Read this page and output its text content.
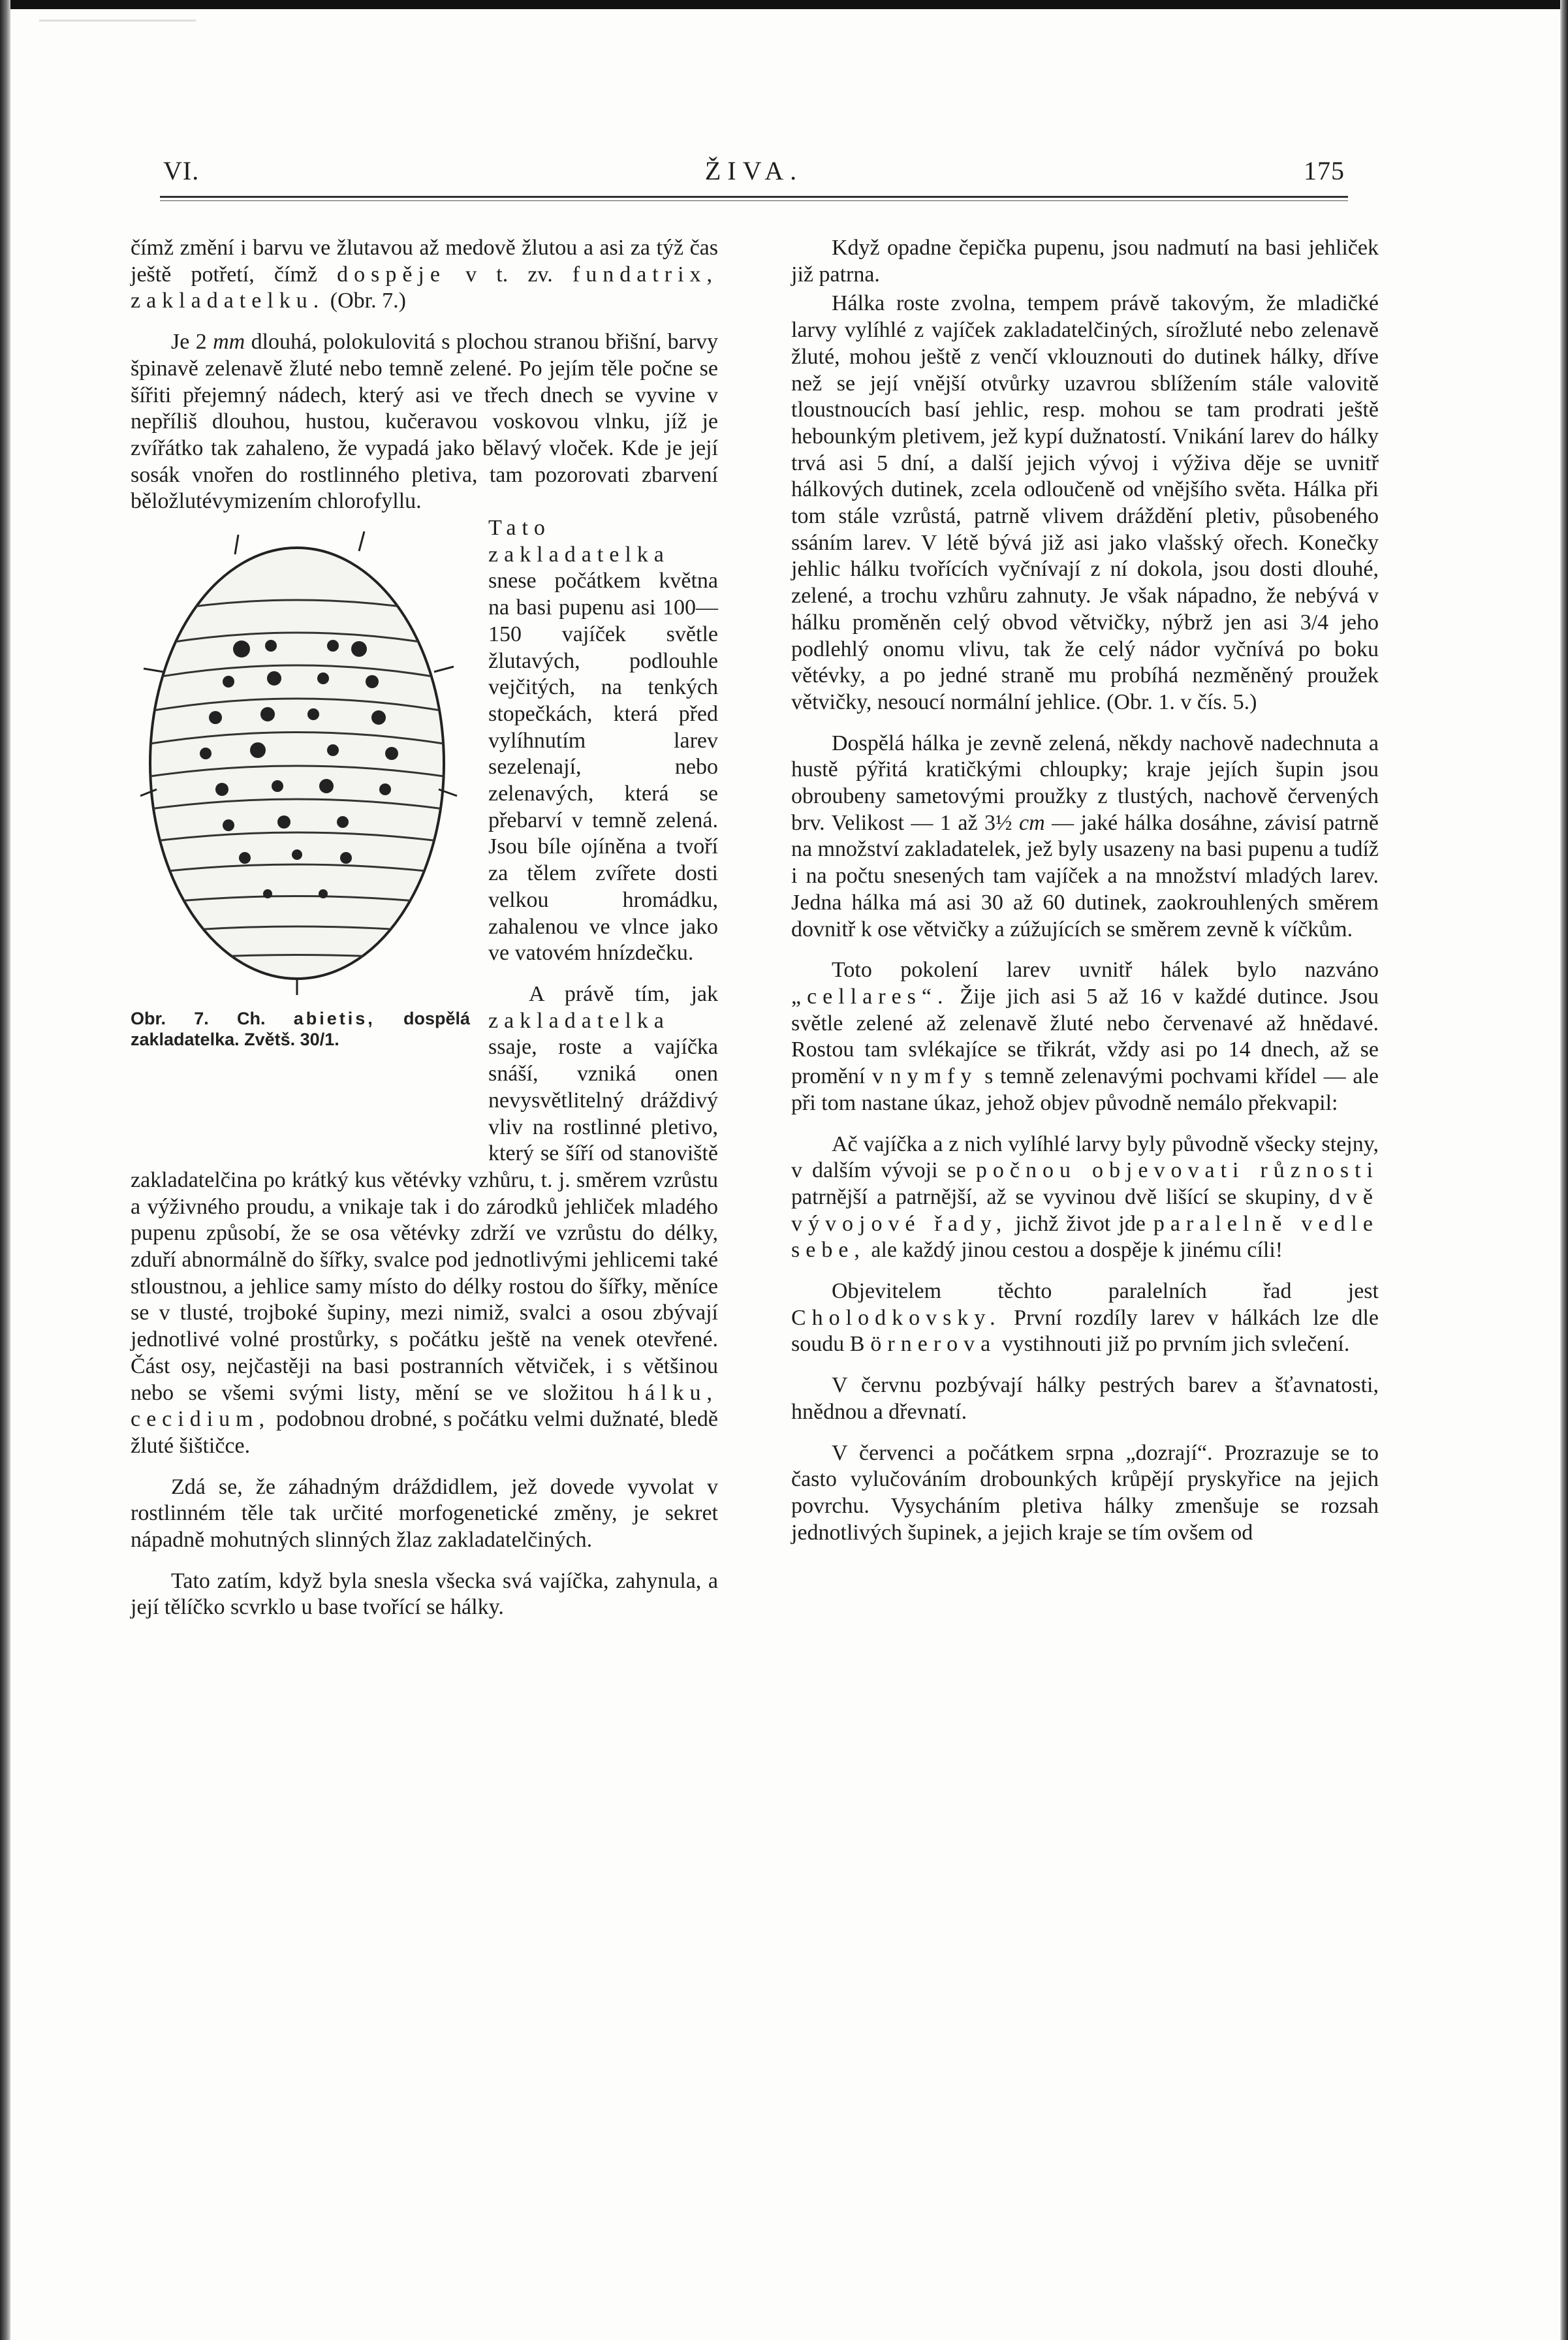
VI.	ŽIVA.	175

čímž změní i barvu ve žlutavou až medově žlutou a asi za týž čas ještě potřetí, čímž dospěje v t. zv. fundatrix, zakladatelku. (Obr. 7.)

Je 2 mm dlouhá, polokulovitá s plochou stranou břišní, barvy špinavě zelenavě žluté nebo temně zelené. Po jejím těle počne se šířiti přejemný nádech, který asi ve třech dnech se vyvine v nepříliš dlouhou, hustou, kučeravou voskovou vlnku, jíž je zvířátko tak zahaleno, že vypadá jako bělavý vloček. Kde je její sosák vnořen do rostlinného pletiva, tam pozorovati zbarvení běložlutévymizením chlorofyllu.

Obr. 7. Ch. abietis, dospělá zakladatelka. Zvětš. 30/1.

Tato zakladatelka snese počátkem května na basi pupenu asi 100—150 vajíček světle žlutavých, podlouhle vejčitých, na tenkých stopečkách, která před vylíhnutím larev sezelenají, nebo zelenavých, která se přebarví v temně zelená. Jsou bíle ojíněna a tvoří za tělem zvířete dosti velkou hromádku, zahalenou ve vlnce jako ve vatovém hnízdečku.

A právě tím, jak zakladatelka ssaje, roste a vajíčka snáší, vzniká onen nevysvětlitelný dráždivý vliv na rostlinné pletivo, který se šíří od stanoviště zakladatelčina po krátký kus větévky vzhůru, t. j. směrem vzrůstu a výživného proudu, a vnikaje tak i do zárodků jehliček mladého pupenu způsobí, že se osa větévky zdrží ve vzrůstu do délky, zduří abnormálně do šířky, svalce pod jednotlivými jehlicemi také stloustnou, a jehlice samy místo do délky rostou do šířky, měníce se v tlusté, trojboké šupiny, mezi nimiž, svalci a osou zbývají jednotlivé volné prostůrky, s počátku ještě na venek otevřené. Část osy, nejčastěji na basi postranních větviček, i s většinou nebo se všemi svými listy, mění se ve složitou hálku, cecidium, podobnou drobné, s počátku velmi dužnaté, bledě žluté šištičce.

Zdá se, že záhadným dráždidlem, jež dovede vyvolat v rostlinném těle tak určité morfogenetické změny, je sekret nápadně mohutných slinných žlaz zakladatelčiných.

Tato zatím, když byla snesla všecka svá vajíčka, zahynula, a její tělíčko scvrklo u base tvořící se hálky.

Když opadne čepička pupenu, jsou nadmutí na basi jehliček již patrna.

Hálka roste zvolna, tempem právě takovým, že mladičké larvy vylíhlé z vajíček zakladatelčiných, sírožluté nebo zelenavě žluté, mohou ještě z venčí vklouznouti do dutinek hálky, dříve než se její vnější otvůrky uzavrou sblížením stále valovitě tloustnoucích basí jehlic, resp. mohou se tam prodrati ještě hebounkým pletivem, jež kypí dužnatostí. Vnikání larev do hálky trvá asi 5 dní, a další jejich vývoj i výživa děje se uvnitř hálkových dutinek, zcela odloučeně od vnějšího světa. Hálka při tom stále vzrůstá, patrně vlivem dráždění pletiv, působeného ssáním larev. V létě bývá již asi jako vlašský ořech. Konečky jehlic hálku tvořících vyčnívají z ní dokola, jsou dosti dlouhé, zelené, a trochu vzhůru zahnuty. Je však nápadno, že nebývá v hálku proměněn celý obvod větvičky, nýbrž jen asi 3/4 jeho podlehlý onomu vlivu, tak že celý nádor vyčnívá po boku větévky, a po jedné straně mu probíhá nezměněný proužek větvičky, nesoucí normální jehlice. (Obr. 1. v čís. 5.)

Dospělá hálka je zevně zelená, někdy nachově nadechnuta a hustě pýřitá kratičkými chloupky; kraje jejích šupin jsou obroubeny sametovými proužky z tlustých, nachově červených brv. Velikost — 1 až 3½ cm — jaké hálka dosáhne, závisí patrně na množství zakladatelek, jež byly usazeny na basi pupenu a tudíž i na počtu snesených tam vajíček a na množství mladých larev. Jedna hálka má asi 30 až 60 dutinek, zaokrouhlených směrem dovnitř k ose větvičky a zúžujících se směrem zevně k víčkům.

Toto pokolení larev uvnitř hálek bylo nazváno „cellares“. Žije jich asi 5 až 16 v každé dutince. Jsou světle zelené až zelenavě žluté nebo červenavé až hnědavé. Rostou tam svlékajíce se třikrát, vždy asi po 14 dnech, až se promění v nymfy s temně zelenavými pochvami křídel — ale při tom nastane úkaz, jehož objev původně nemálo překvapil:

Ač vajíčka a z nich vylíhlé larvy byly původně všecky stejny, v dalším vývoji se počnou objevovati různosti patrnější a patrnější, až se vyvinou dvě lišící se skupiny, dvě vývojové řady, jichž život jde paralelně vedle sebe, ale každý jinou cestou a dospěje k jinému cíli!

Objevitelem těchto paralelních řad jest Cholodkovsky. První rozdíly larev v hálkách lze dle soudu Börnerova vystihnouti již po prvním jich svlečení.

V červnu pozbývají hálky pestrých barev a šťavnatosti, hnědnou a dřevnatí.

V červenci a počátkem srpna „dozrají“. Prozrazuje se to často vylučováním drobounkých krůpějí pryskyřice na jejich povrchu. Vysycháním pletiva hálky zmenšuje se rozsah jednotlivých šupinek, a jejich kraje se tím ovšem od
